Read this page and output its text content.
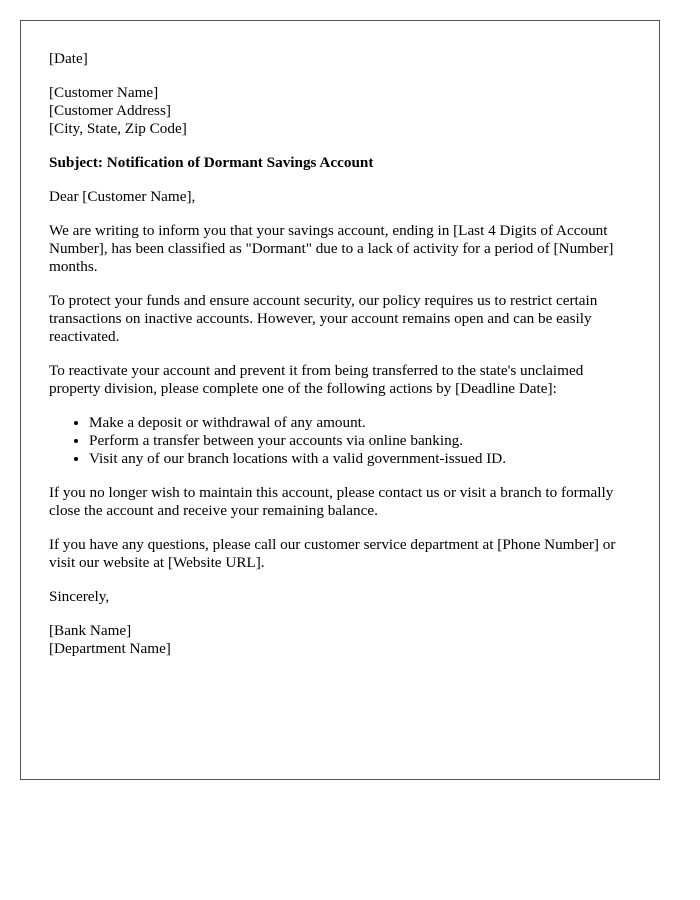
[Date]

[Customer Name]
[Customer Address]
[City, State, Zip Code]

Subject: Notification of Dormant Savings Account

Dear [Customer Name],

We are writing to inform you that your savings account, ending in [Last 4 Digits of Account Number], has been classified as "Dormant" due to a lack of activity for a period of [Number] months.

To protect your funds and ensure account security, our policy requires us to restrict certain transactions on inactive accounts. However, your account remains open and can be easily reactivated.

To reactivate your account and prevent it from being transferred to the state's unclaimed property division, please complete one of the following actions by [Deadline Date]:

• Make a deposit or withdrawal of any amount.
• Perform a transfer between your accounts via online banking.
• Visit any of our branch locations with a valid government-issued ID.

If you no longer wish to maintain this account, please contact us or visit a branch to formally close the account and receive your remaining balance.

If you have any questions, please call our customer service department at [Phone Number] or visit our website at [Website URL].

Sincerely,

[Bank Name]
[Department Name]
